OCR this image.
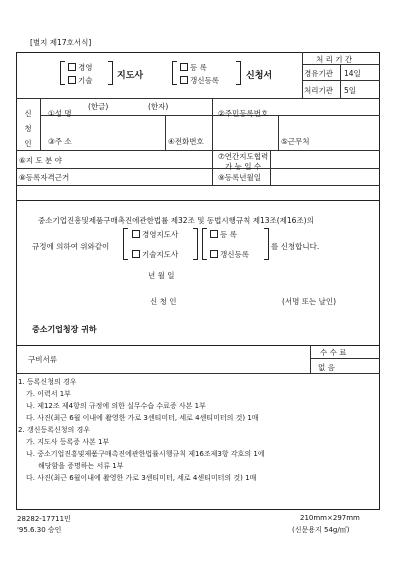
[별지 제17호서식]
경영
기술	지도사
등 록
갱신등록	신청서
처 리 기 간
경유기관 14일
처리기관 5일
신
청
인
①성 명
(한글)	(한자)
②주민등록번호
③주 소	④전화번호	⑤근무처
⑥지 도 분 야	⑦연간지도협력
가 능 일 수
⑧등록자격근거	⑨등록년월일
중소기업진흥및제품구매촉진에관한법률 제32조 및 동법시행규칙 제13조(제16조)의
규정에 의하여 위와같이
경영지도사
기술지도사
등 록
갱신등록
를 신청합니다.
년 월 일
신 청 인	(서명 또는 날인)
중소기업청장 귀하
구비서류
수 수 료
없 음
1. 등록신청의 경우
가. 이력서 1부
나. 제12조 제4항의 규정에 의한 실무수습 수료증 사본 1부
다. 사진(최근 6월 이내에 촬영한 가로 3센티미터, 세로 4센티미터의 것) 1매
2. 갱신등록신청의 경우
가. 지도사 등록증 사본 1부
나. 중소기업진흥및제품구매촉진에관한법률시행규칙 제16조제3항 각호의 1에
해당함을 증명하는 서류 1부
다. 사진(최근 6월이내에 촬영한 가로 3센티미터, 세로 4센티미터의 것) 1매
28282-17711민
'95.6.30 승인
210mm×297mm
(신문용지 54g/㎡)
